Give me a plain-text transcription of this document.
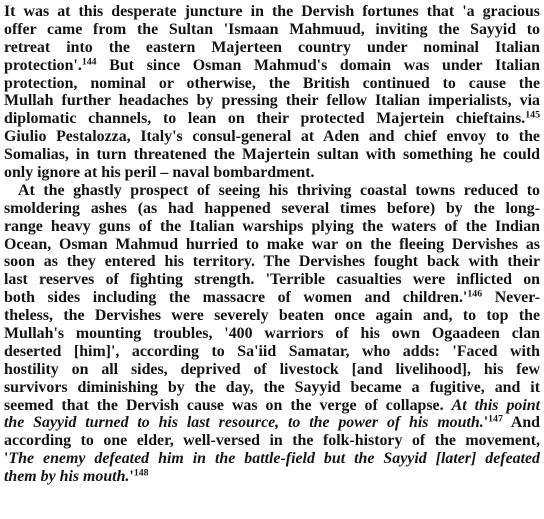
It was at this desperate juncture in the Dervish fortunes that 'a gracious
offer came from the Sultan 'Ismaan Mahmuud, inviting the Sayyid to
retreat into the eastern Majerteen country under nominal Italian
protection'.$^{144}$ But since Osman Mahmud's domain was under Italian
protection, nominal or otherwise, the British continued to cause the
Mullah further headaches by pressing their fellow Italian imperialists, via
diplomatic channels, to lean on their protected Majertein chieftains.$^{145}$
Giulio Pestalozza, Italy's consul-general at Aden and chief envoy to the
Somalias, in turn threatened the Majertein sultan with something he could
only ignore at his peril – naval bombardment.
At the ghastly prospect of seeing his thriving coastal towns reduced to
smoldering ashes (as had happened several times before) by the long-
range heavy guns of the Italian warships plying the waters of the Indian
Ocean, Osman Mahmud hurried to make war on the fleeing Dervishes as
soon as they entered his territory. The Dervishes fought back with their
last reserves of fighting strength. 'Terrible casualties were inflicted on
both sides including the massacre of women and $children.'^{146}$ Never-
theless, the Dervishes were severely beaten once again and, to top the
Mullah's mounting troubles, '400 warriors of his own Ogaadeen clan
deserted [him]', according to Sa'iid Samatar, who adds: 'Faced with
hostility on all sides, deprived of livestock [and livelihood], his few
survivors diminishing by the day, the Sayyid became a fugitive, and it
seemed that the Dervish cause was on the verge of collapse. At this point
the Sayyid turned to his last resource, to the power of his $mouth.'^{147}$ And
according to one elder, well-versed in the folk-history of the movement,
'The enemy defeated him in the battle-field but the Sayyid [later] defeated
them by his $mouth.'^{148}$
